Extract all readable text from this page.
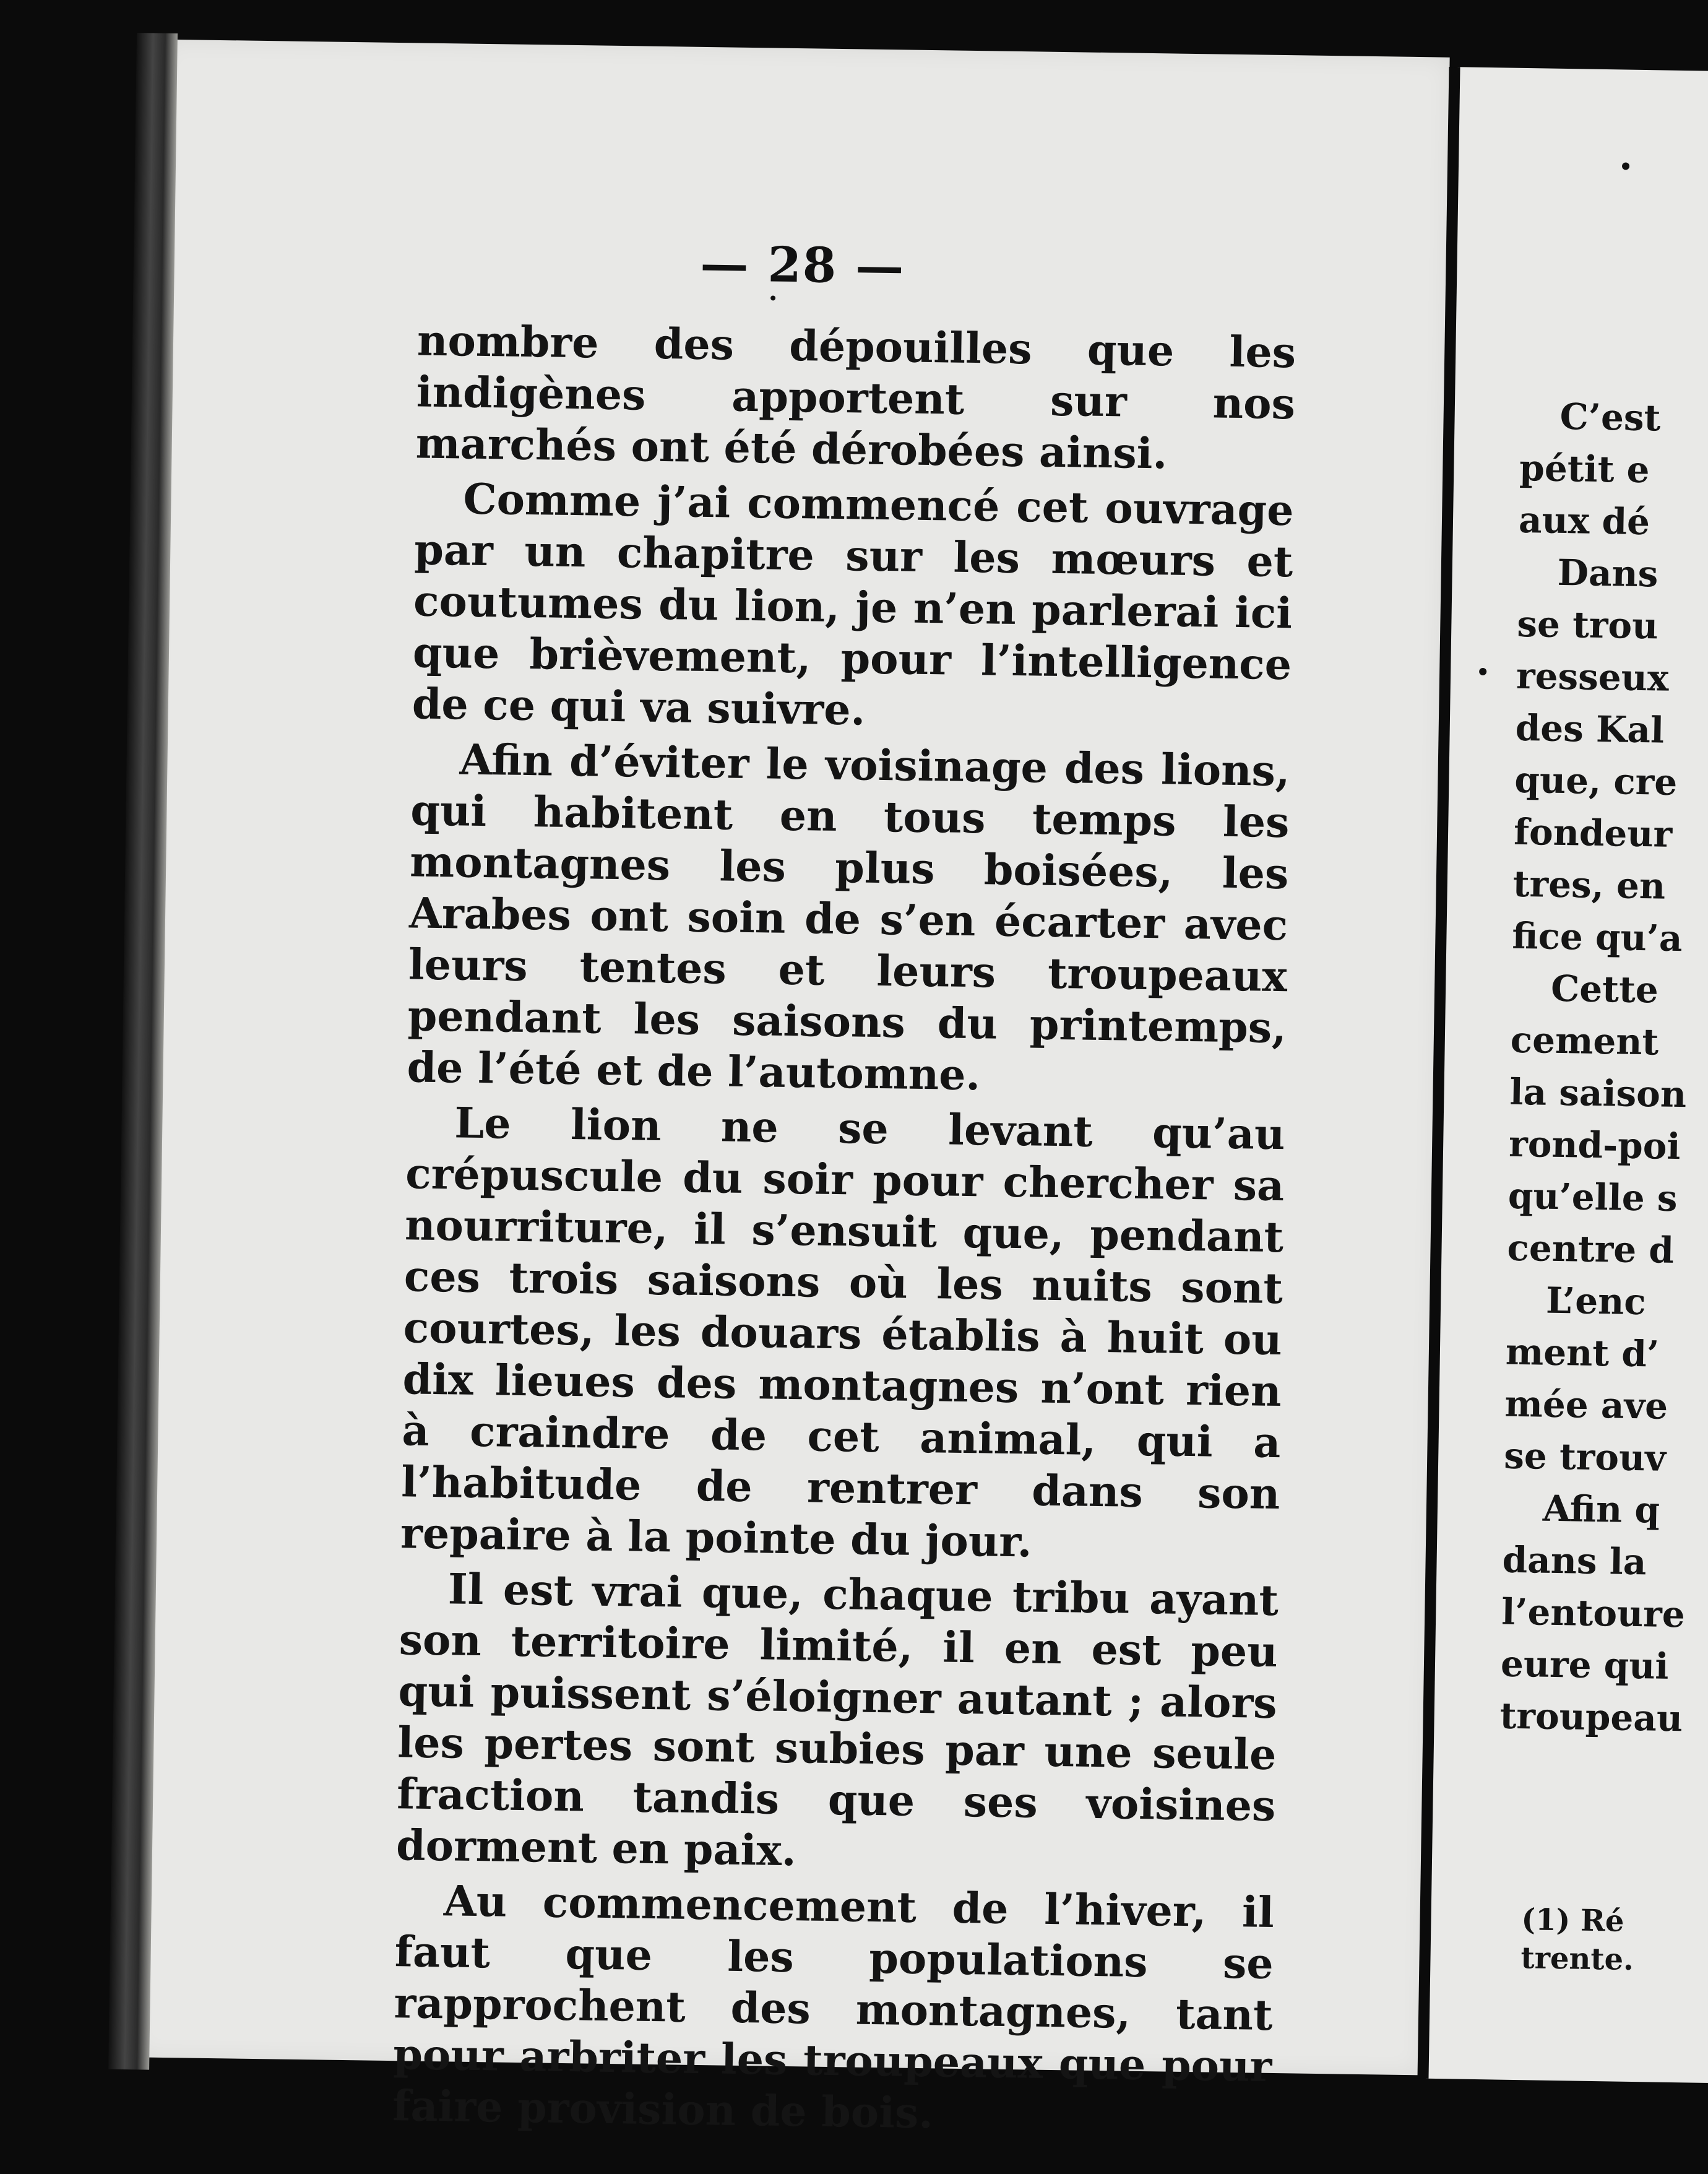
— 28 —

nombre des dépouilles que les indigènes apportent sur nos marchés ont été dérobées ainsi.

Comme j’ai commencé cet ouvrage par un chapitre sur les mœurs et coutumes du lion, je n’en parlerai ici que brièvement, pour l’intelligence de ce qui va suivre.

Afin d’éviter le voisinage des lions, qui habitent en tous temps les montagnes les plus boisées, les Arabes ont soin de s’en écarter avec leurs tentes et leurs troupeaux pendant les saisons du printemps, de l’été et de l’automne.

Le lion ne se levant qu’au crépuscule du soir pour chercher sa nourriture, il s’ensuit que, pendant ces trois saisons où les nuits sont courtes, les douars établis à huit ou dix lieues des montagnes n’ont rien à craindre de cet animal, qui a l’habitude de rentrer dans son repaire à la pointe du jour.

Il est vrai que, chaque tribu ayant son territoire limité, il en est peu qui puissent s’éloigner autant ; alors les pertes sont subies par une seule fraction tandis que ses voisines dorment en paix.

Au commencement de l’hiver, il faut que les populations se rapprochent des montagnes, tant pour arbriter les troupeaux que pour faire provision de bois.

C’est
pétit e
aux dé
Dans
se trou
resseux
des Kal
que, cre
fondeur
tres, en
fice qu’a
Cette
cement
la saison
rond-poi
qu’elle s
centre d
L’enc
ment d’
mée ave
se trouv
Afin q
dans la
l’entoure
eure qui
troupeau
(1) Ré
trente.
